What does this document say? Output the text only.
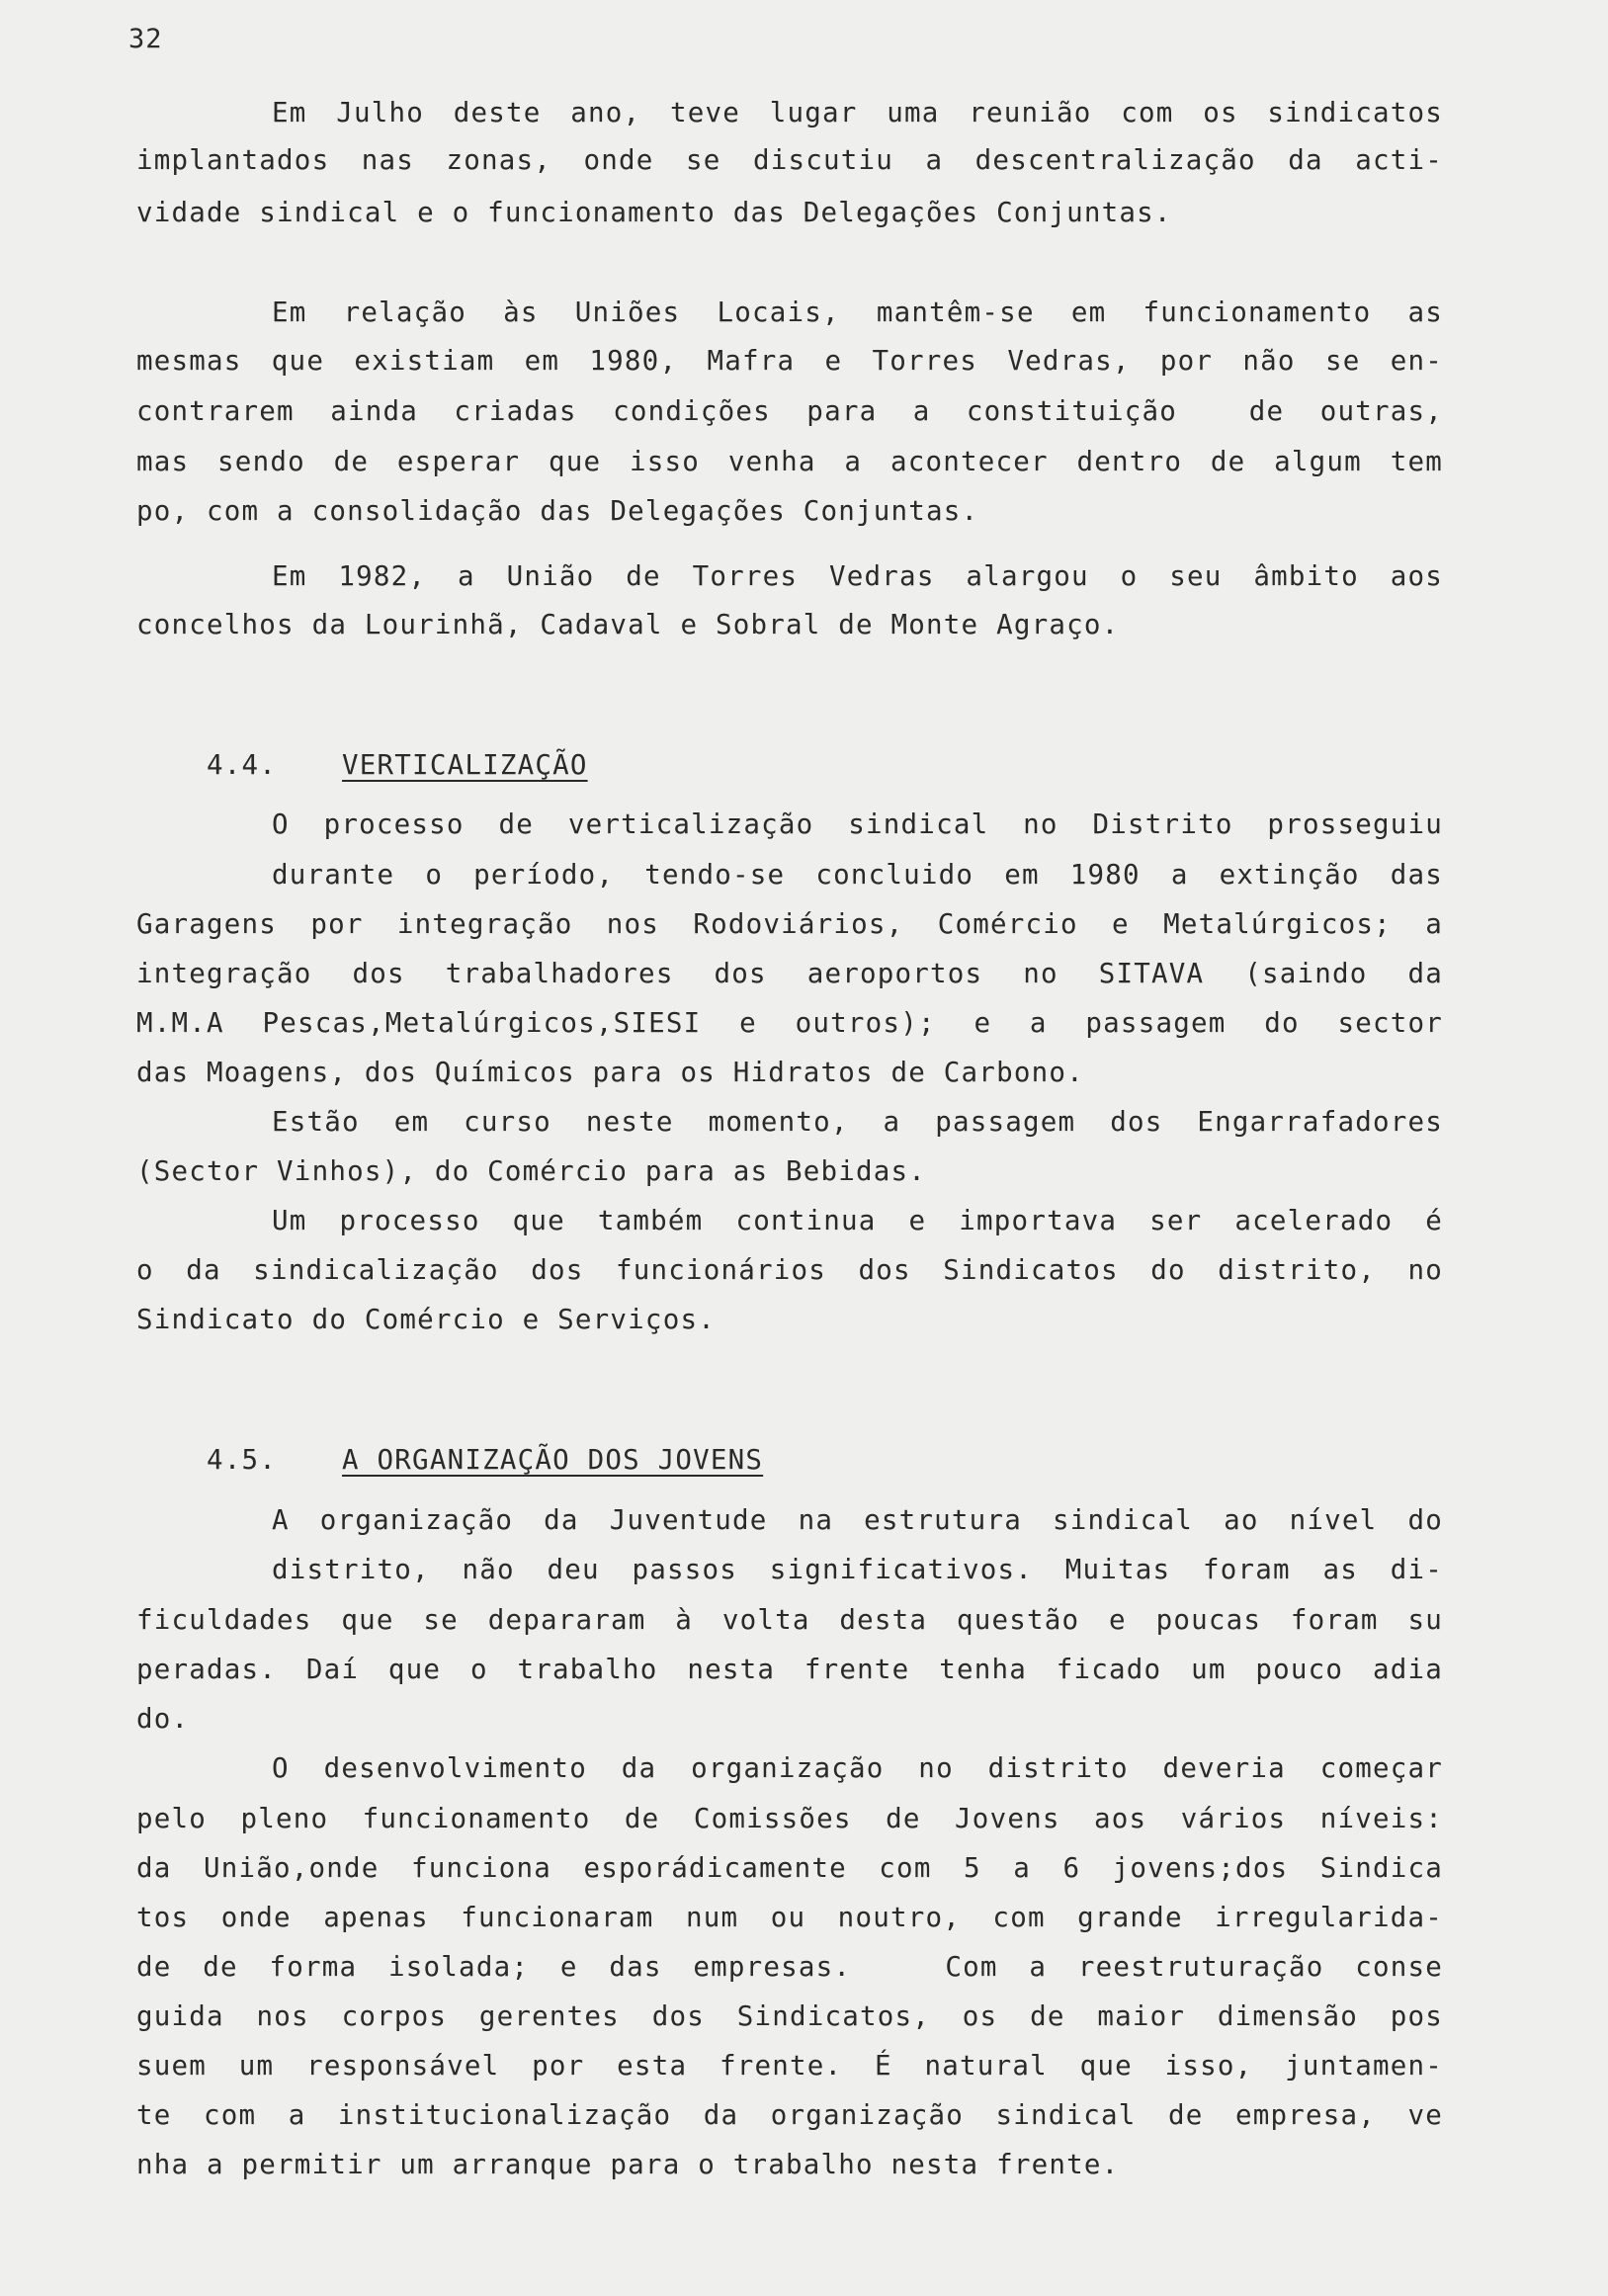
32
Em Julho deste ano, teve lugar uma reunião com os sindicatos
implantados nas zonas, onde se discutiu a descentralização da acti-
vidade sindical e o funcionamento das Delegações Conjuntas.
Em relação às Uniões Locais, mantêm-se em funcionamento as
mesmas que existiam em 1980, Mafra e Torres Vedras, por não se en-
contrarem ainda criadas condições para a constituição  de outras,
mas sendo de esperar que isso venha a acontecer dentro de algum tem
po, com a consolidação das Delegações Conjuntas.
Em 1982, a União de Torres Vedras alargou o seu âmbito aos
concelhos da Lourinhã, Cadaval e Sobral de Monte Agraço.

4.4. VERTICALIZAÇÃO

O processo de verticalização sindical no Distrito prosseguiu
durante o período, tendo-se concluido em 1980 a extinção das
Garagens por integração nos Rodoviários, Comércio e Metalúrgicos; a
integração dos trabalhadores dos aeroportos no SITAVA (saindo da
M.M.A Pescas,Metalúrgicos,SIESI e outros); e a passagem do sector
das Moagens, dos Químicos para os Hidratos de Carbono.
Estão em curso neste momento, a passagem dos Engarrafadores
(Sector Vinhos), do Comércio para as Bebidas.
Um processo que também continua e importava ser acelerado é
o da sindicalização dos funcionários dos Sindicatos do distrito, no
Sindicato do Comércio e Serviços.

4.5. A ORGANIZAÇÃO DOS JOVENS

A organização da Juventude na estrutura sindical ao nível do
distrito, não deu passos significativos. Muitas foram as di-
ficuldades que se depararam à volta desta questão e poucas foram su
peradas. Daí que o trabalho nesta frente tenha ficado um pouco adia
do.
O desenvolvimento da organização no distrito deveria começar
pelo pleno funcionamento de Comissões de Jovens aos vários níveis:
da União,onde funciona esporádicamente com 5 a 6 jovens;dos Sindica
tos onde apenas funcionaram num ou noutro, com grande irregularida-
de de forma isolada; e das empresas.   Com a reestruturação conse
guida nos corpos gerentes dos Sindicatos, os de maior dimensão pos
suem um responsável por esta frente. É natural que isso, juntamen-
te com a institucionalização da organização sindical de empresa, ve
nha a permitir um arranque para o trabalho nesta frente.
